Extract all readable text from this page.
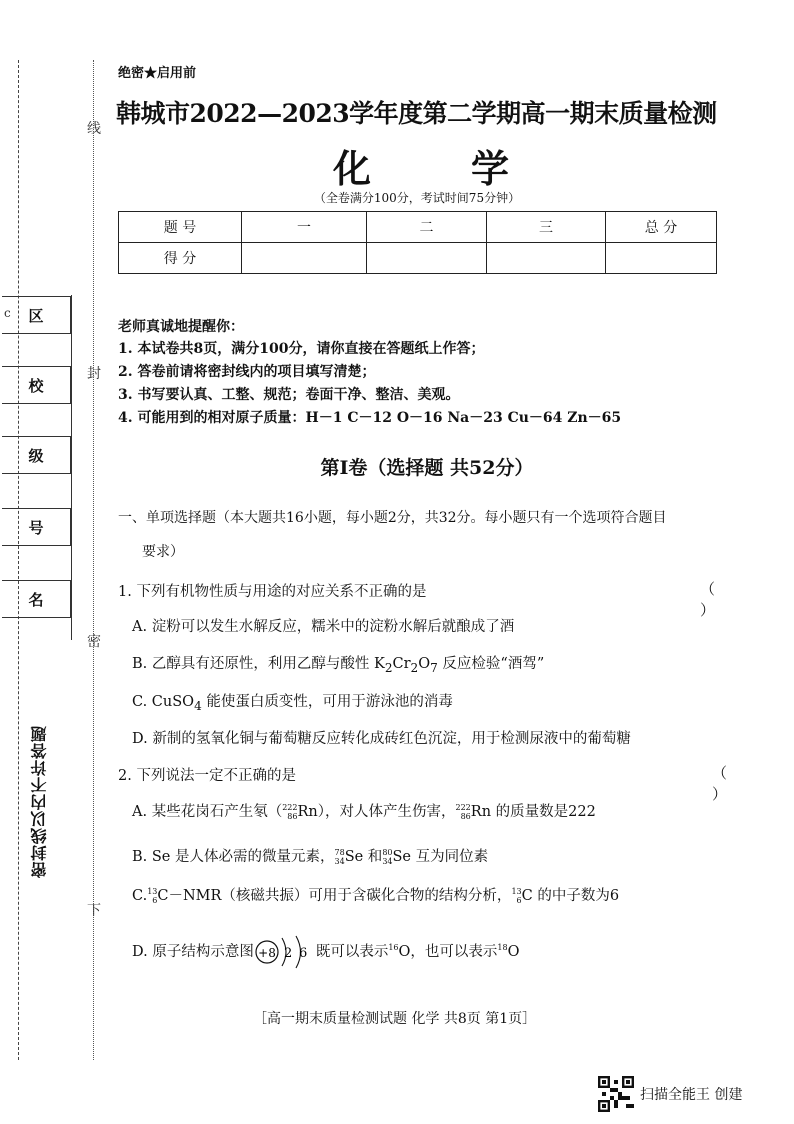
c 区
校
级
号
名
线
封
密
下
密封线以内不许答题
绝密★启用前
韩城市2022—2023学年度第二学期高一期末质量检测
化学
（全卷满分100分，考试时间75分钟）
题 号	一	二	三	总 分
得 分				
老师真诚地提醒你：
1. 本试卷共8页，满分100分，请你直接在答题纸上作答；
2. 答卷前请将密封线内的项目填写清楚；
3. 书写要认真、工整、规范；卷面干净、整洁、美观。
4. 可能用到的相对原子质量：H－1 C－12 O－16 Na－23 Cu－64 Zn－65
第Ⅰ卷（选择题 共52分）
一、单项选择题（本大题共16小题，每小题2分，共32分。每小题只有一个选项符合题目
要求）
1. 下列有机物性质与用途的对应关系不正确的是	（ ）
A. 淀粉可以发生水解反应，糯米中的淀粉水解后就酿成了酒
B. 乙醇具有还原性，利用乙醇与酸性 $K_2Cr_2O_7$ 反应检验“酒驾”
C. CuSO$_4$ 能使蛋白质变性，可用于游泳池的消毒
D. 新制的氢氧化铜与葡萄糖反应转化成砖红色沉淀，用于检测尿液中的葡萄糖
2. 下列说法一定不正确的是	（ ）
A. 某些花岗石产生氡（222
86Rn），对人体产生伤害，222
86Rn 的质量数是222
B. Se 是人体必需的微量元素，78
34Se 和80
34Se 互为同位素
C.13
6C－NMR（核磁共振）可用于含碳化合物的结构分析，13
6C 的中子数为6
D. 原子结构示意图 +8 2 6 既可以表示$^{16}$O，也可以表示$^{18}$O
［高一期末质量检测试题 化学 共8页 第1页］
扫描全能王 创建
